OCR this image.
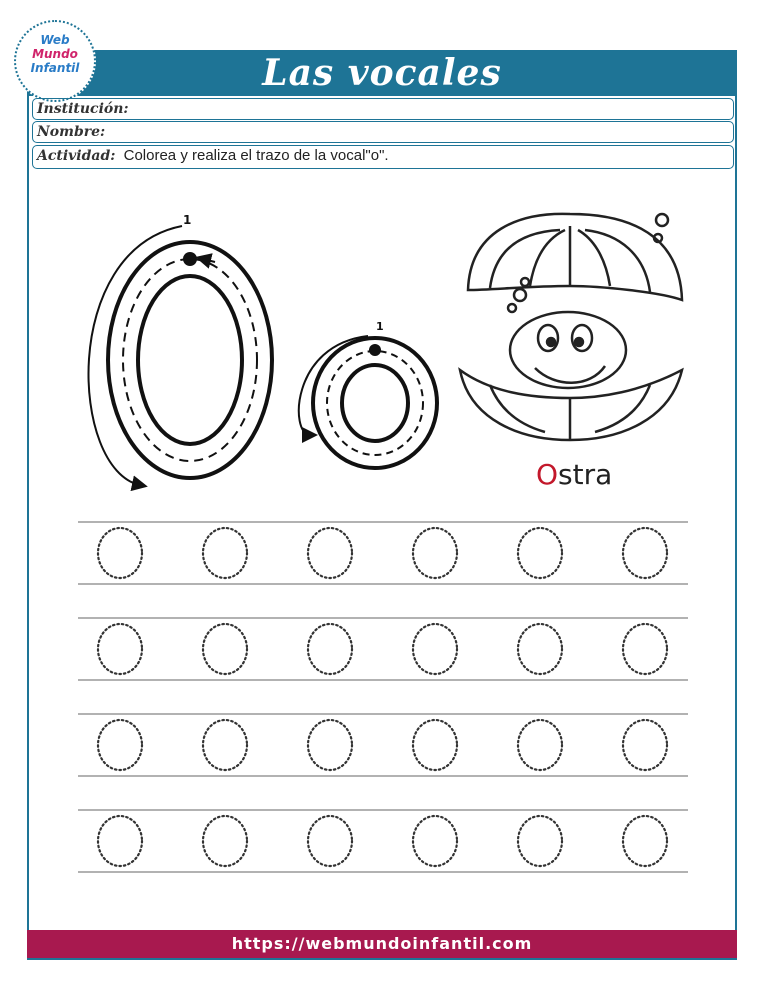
Las vocales
Web
Mundo
Infantil
Institución:
Nombre:
Actividad: Colorea y realiza el trazo de la vocal"o".
1
1
Ostra
https://webmundoinfantil.com
